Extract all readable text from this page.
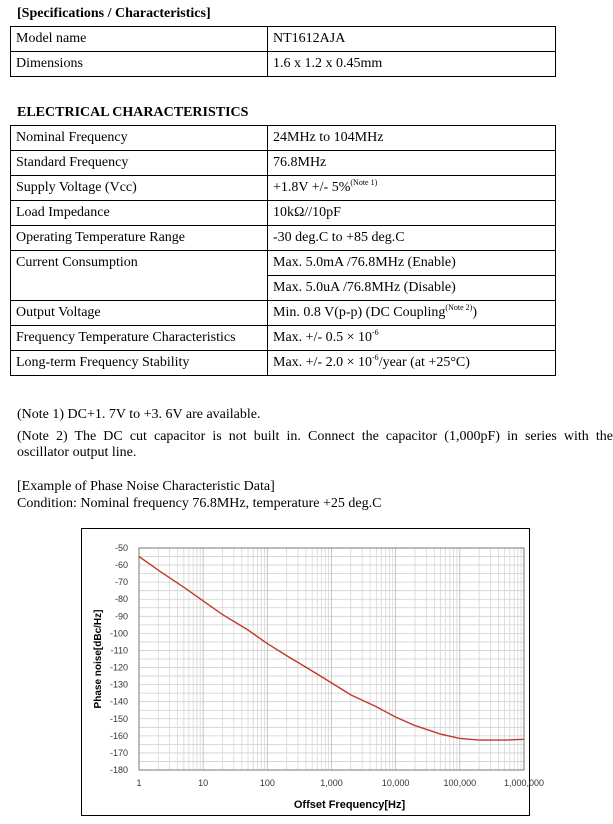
[Specifications / Characteristics]
Model name	NT1612AJA
Dimensions	1.6 x 1.2 x 0.45mm
ELECTRICAL CHARACTERISTICS
Nominal Frequency	24MHz to 104MHz
Standard Frequency	76.8MHz
Supply Voltage (Vcc)	+1.8V +/- 5%$^{(Note 1)}$
Load Impedance	10kΩ//10pF
Operating Temperature Range	-30 deg.C to +85 deg.C
Current Consumption	Max. 5.0mA /76.8MHz (Enable)
	Max. 5.0uA /76.8MHz (Disable)
Output Voltage	Min. 0.8 V(p-p) (DC Coupling$^{(Note 2)}$)
Frequency Temperature Characteristics	Max. +/- $0.5 \times 10^{-6}$
Long-term Frequency Stability	Max. +/- $2.0 \times 10^{-6}$/year (at +25°C)
(Note 1) DC+1. 7V to +3. 6V are available.
(Note 2) The DC cut capacitor is not built in. Connect the capacitor (1,000pF) in series with the
oscillator output line.
[Example of Phase Noise Characteristic Data]
Condition: Nominal frequency 76.8MHz, temperature +25 deg.C
-50
-60
-70
-80
-90
-100
-110
-120
-130
-140
-150
-160
-170
-180
1	10	100	1,000	10,000	100,000	1,000,000
Phase noise[dBc/Hz]
Offset Frequency[Hz]
